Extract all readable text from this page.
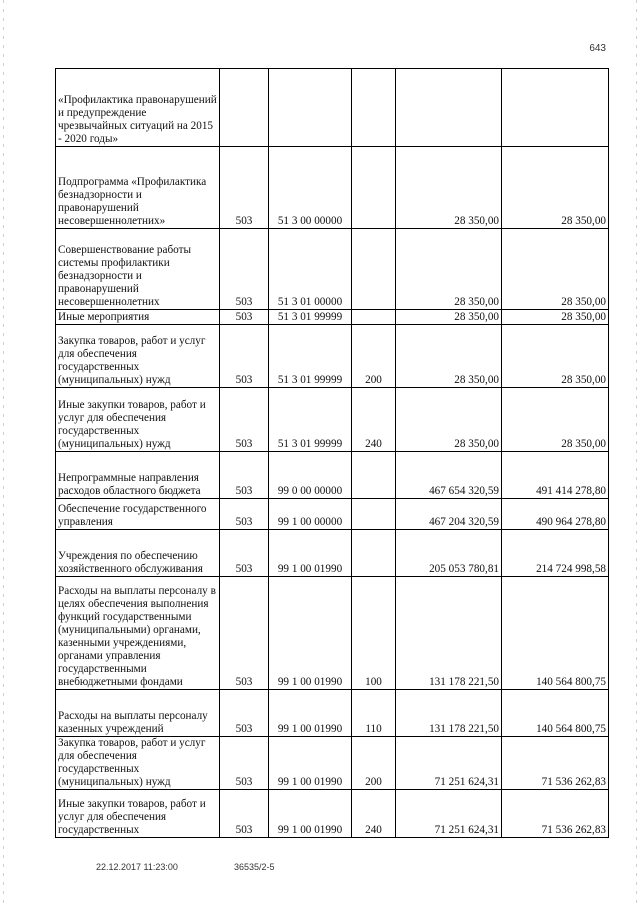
643
«Профилактика правонарушений и предупреждение чрезвычайных ситуаций на 2015 - 2020 годы»					
Подпрограмма «Профилактика безнадзорности и правонарушений несовершеннолетних»	503	51 3 00 00000		28 350,00	28 350,00
Совершенствование работы системы профилактики безнадзорности и правонарушений несовершеннолетних	503	51 3 01 00000		28 350,00	28 350,00
Иные мероприятия	503	51 3 01 99999		28 350,00	28 350,00
Закупка товаров, работ и услуг для обеспечения государственных (муниципальных) нужд	503	51 3 01 99999	200	28 350,00	28 350,00
Иные закупки товаров, работ и услуг для обеспечения государственных (муниципальных) нужд	503	51 3 01 99999	240	28 350,00	28 350,00
Непрограммные направления расходов областного бюджета	503	99 0 00 00000		467 654 320,59	491 414 278,80
Обеспечение государственного управления	503	99 1 00 00000		467 204 320,59	490 964 278,80
Учреждения по обеспечению хозяйственного обслуживания	503	99 1 00 01990		205 053 780,81	214 724 998,58
Расходы на выплаты персоналу в целях обеспечения выполнения функций государственными (муниципальными) органами, казенными учреждениями, органами управления государственными внебюджетными фондами	503	99 1 00 01990	100	131 178 221,50	140 564 800,75
Расходы на выплаты персоналу казенных учреждений	503	99 1 00 01990	110	131 178 221,50	140 564 800,75
Закупка товаров, работ и услуг для обеспечения государственных (муниципальных) нужд	503	99 1 00 01990	200	71 251 624,31	71 536 262,83
Иные закупки товаров, работ и услуг для обеспечения государственных	503	99 1 00 01990	240	71 251 624,31	71 536 262,83
22.12.2017 11:23:00	36535/2-5
